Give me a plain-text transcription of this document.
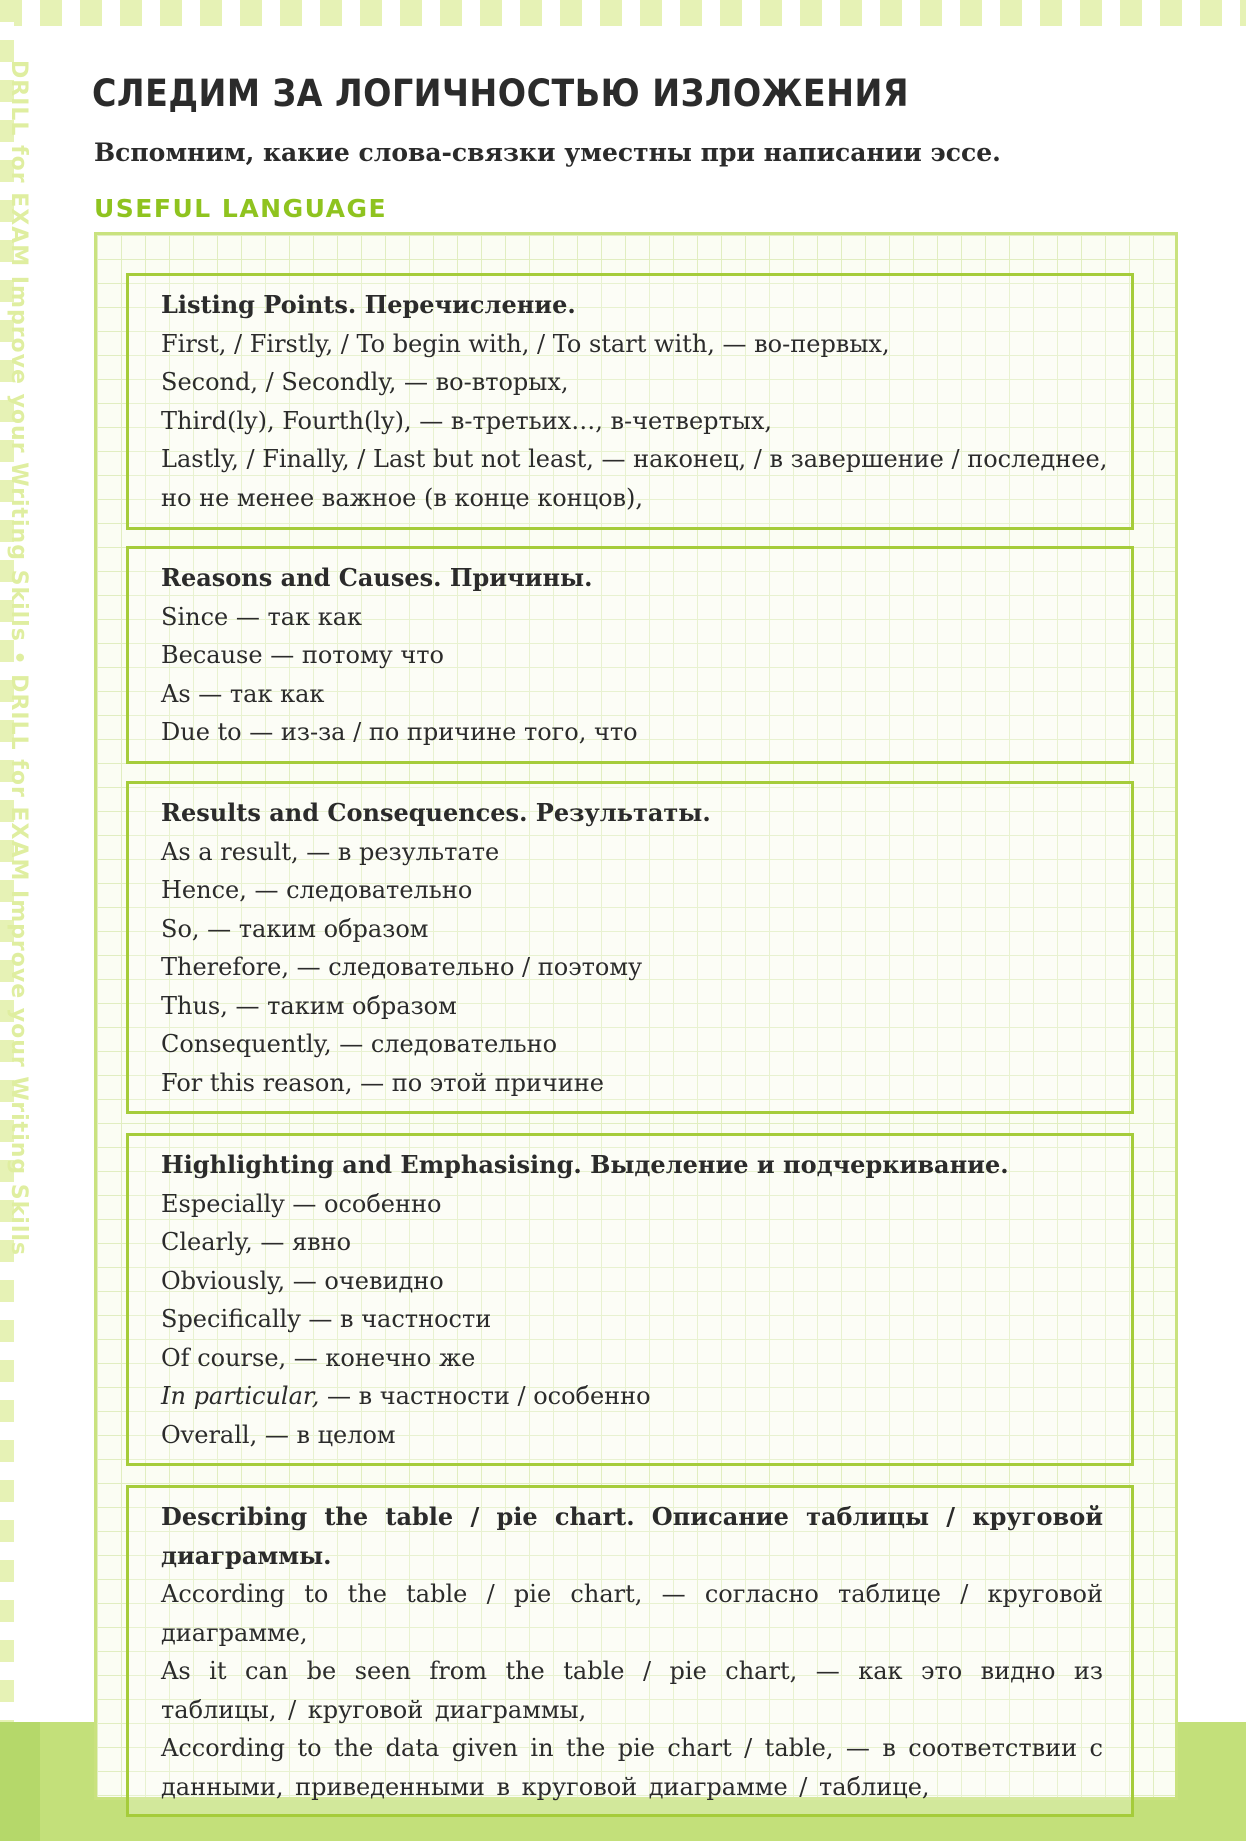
DRILL for EXAM Improve your Writing Skills • DRILL for EXAM Improve your Writing Skills СЛЕДИМ ЗА ЛОГИЧНОСТЬЮ ИЗЛОЖЕНИЯ

Вспомним, какие слова-связки уместны при написании эссе.

USEFUL LANGUAGE

Listing Points. Перечисление.
First, / Firstly, / To begin with, / To start with, — во-первых,
Second, / Secondly, — во-вторых,
Third(ly), Fourth(ly), — в-третьих…, в-четвертых,
Lastly, / Finally, / Last but not least, — наконец, / в завершение / последнее,
но не менее важное (в конце концов),
Reasons and Causes. Причины.
Since — так как
Because — потому что
As — так как
Due to — из-за / по причине того, что
Results and Consequences. Результаты.
As a result, — в результате
Hence, — следовательно
So, — таким образом
Therefore, — следовательно / поэтому
Thus, — таким образом
Consequently, — следовательно
For this reason, — по этой причине
Highlighting and Emphasising. Выделение и подчеркивание.
Especially — особенно
Clearly, — явно
Obviously, — очевидно
Specifically — в частности
Of course, — конечно же
In particular, — в частности / особенно
Overall, — в целом
Describing the table / pie chart. Описание таблицы / круговой диаграммы.
According to the table / pie chart, — согласно таблице / круговой диаграмме,
As it can be seen from the table / pie chart, — как это видно из таблицы, / круговой диаграммы,
According to the data given in the pie chart / table, — в соответствии с данными, приведенными в круговой диаграмме / таблице,
